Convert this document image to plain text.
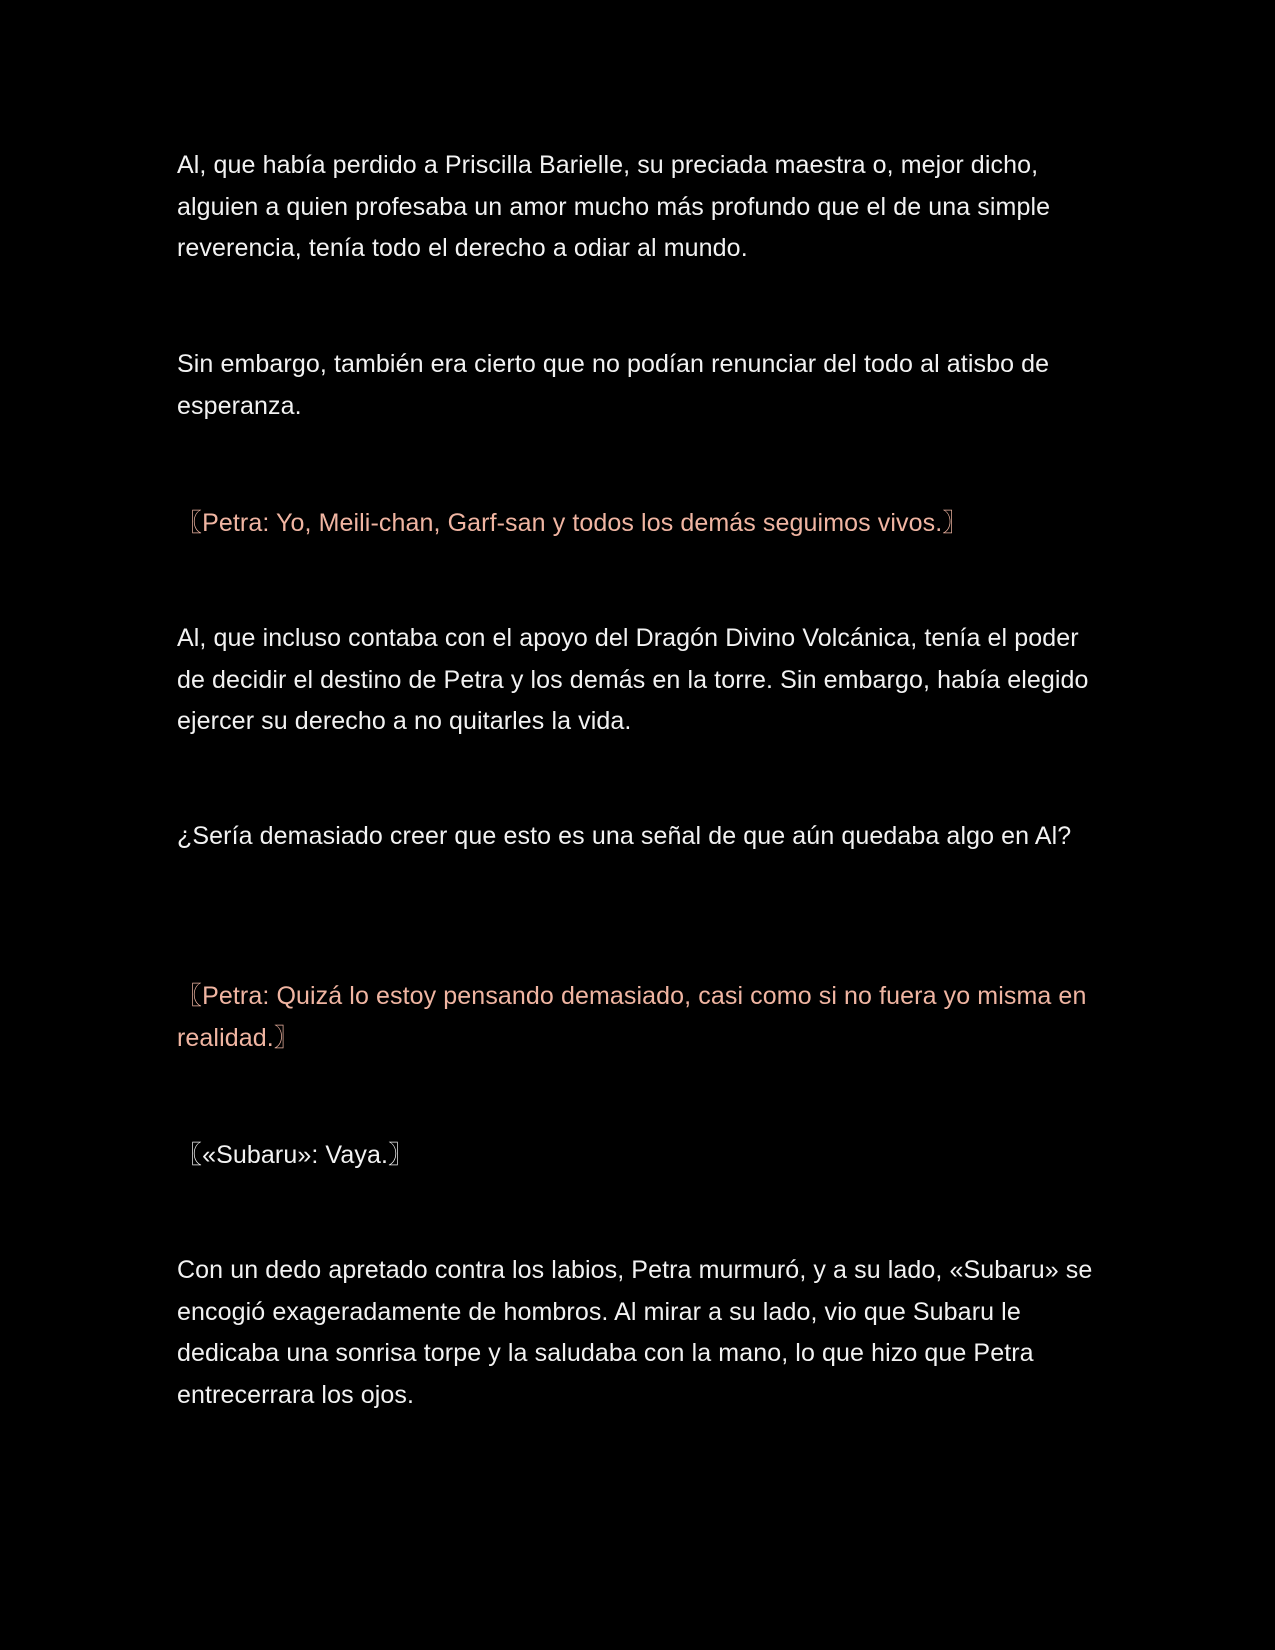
Al, que había perdido a Priscilla Barielle, su preciada maestra o, mejor dicho, alguien a quien profesaba un amor mucho más profundo que el de una simple reverencia, tenía todo el derecho a odiar al mundo.

Sin embargo, también era cierto que no podían renunciar del todo al atisbo de esperanza.

〖Petra: Yo, Meili-chan, Garf-san y todos los demás seguimos vivos.〗

Al, que incluso contaba con el apoyo del Dragón Divino Volcánica, tenía el poder de decidir el destino de Petra y los demás en la torre. Sin embargo, había elegido ejercer su derecho a no quitarles la vida.

¿Sería demasiado creer que esto es una señal de que aún quedaba algo en Al?

〖Petra: Quizá lo estoy pensando demasiado, casi como si no fuera yo misma en realidad.〗

〖«Subaru»: Vaya.〗

Con un dedo apretado contra los labios, Petra murmuró, y a su lado, «Subaru» se encogió exageradamente de hombros. Al mirar a su lado, vio que Subaru le dedicaba una sonrisa torpe y la saludaba con la mano, lo que hizo que Petra entrecerrara los ojos.
